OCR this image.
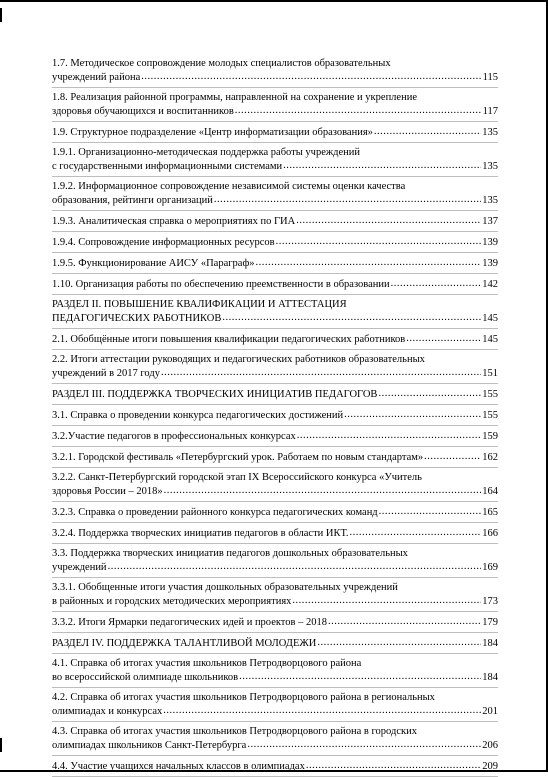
1.7. Методическое сопровождение молодых специалистов образовательных
учреждений района .....	115
1.8. Реализация районной программы, направленной на сохранение и укрепление
здоровья обучающихся и воспитанников .....	117
1.9. Структурное подразделение «Центр информатизации образования» .....	135
1.9.1. Организационно-методическая поддержка работы учреждений
с государственными информационными системами .....	135
1.9.2. Информационное сопровождение независимой системы оценки качества
образования, рейтинги организаций .....	135
1.9.3. Аналитическая справка о мероприятиях по ГИА .....	137
1.9.4. Сопровождение информационных ресурсов .....	139
1.9.5. Функционирование АИСУ «Параграф» .....	139
1.10. Организация работы по обеспечению преемственности в образовании .....	142
РАЗДЕЛ II. ПОВЫШЕНИЕ КВАЛИФИКАЦИИ И АТТЕСТАЦИЯ
ПЕДАГОГИЧЕСКИХ РАБОТНИКОВ .....	145
2.1. Обобщённые итоги повышения квалификации педагогических работников .....	145
2.2. Итоги аттестации руководящих и педагогических работников образовательных
учреждений в 2017 году .....	151
РАЗДЕЛ III. ПОДДЕРЖКА ТВОРЧЕСКИХ ИНИЦИАТИВ ПЕДАГОГОВ .....	155
3.1. Справка о проведении конкурса педагогических достижений .....	155
3.2.Участие педагогов в профессиональных конкурсах .....	159
3.2.1. Городской фестиваль «Петербургский урок. Работаем по новым стандартам» .....	162
3.2.2. Санкт-Петербургский городской этап IX Всероссийского конкурса «Учитель
здоровья России – 2018» .....	164
3.2.3. Справка о проведении районного конкурса педагогических команд .....	165
3.2.4. Поддержка творческих инициатив педагогов в области ИКТ. .....	166
3.3. Поддержка творческих инициатив педагогов дошкольных образовательных
учреждений .....	169
3.3.1. Обобщенные итоги участия дошкольных образовательных учреждений
в районных и городских методических мероприятиях .....	173
3.3.2. Итоги Ярмарки педагогических идей и проектов – 2018 .....	179
РАЗДЕЛ IV. ПОДДЕРЖКА ТАЛАНТЛИВОЙ МОЛОДЕЖИ .....	184
4.1. Справка об итогах участия школьников Петродворцового района
во всероссийской олимпиаде школьников .....	184
4.2. Справка об итогах участия школьников Петродворцового района в региональных
олимпиадах и конкурсах .....	201
4.3. Справка об итогах участия школьников Петродворцового района в городских
олимпиадах школьников Санкт-Петербурга .....	206
4.4. Участие учащихся начальных классов в олимпиадах .....	209
